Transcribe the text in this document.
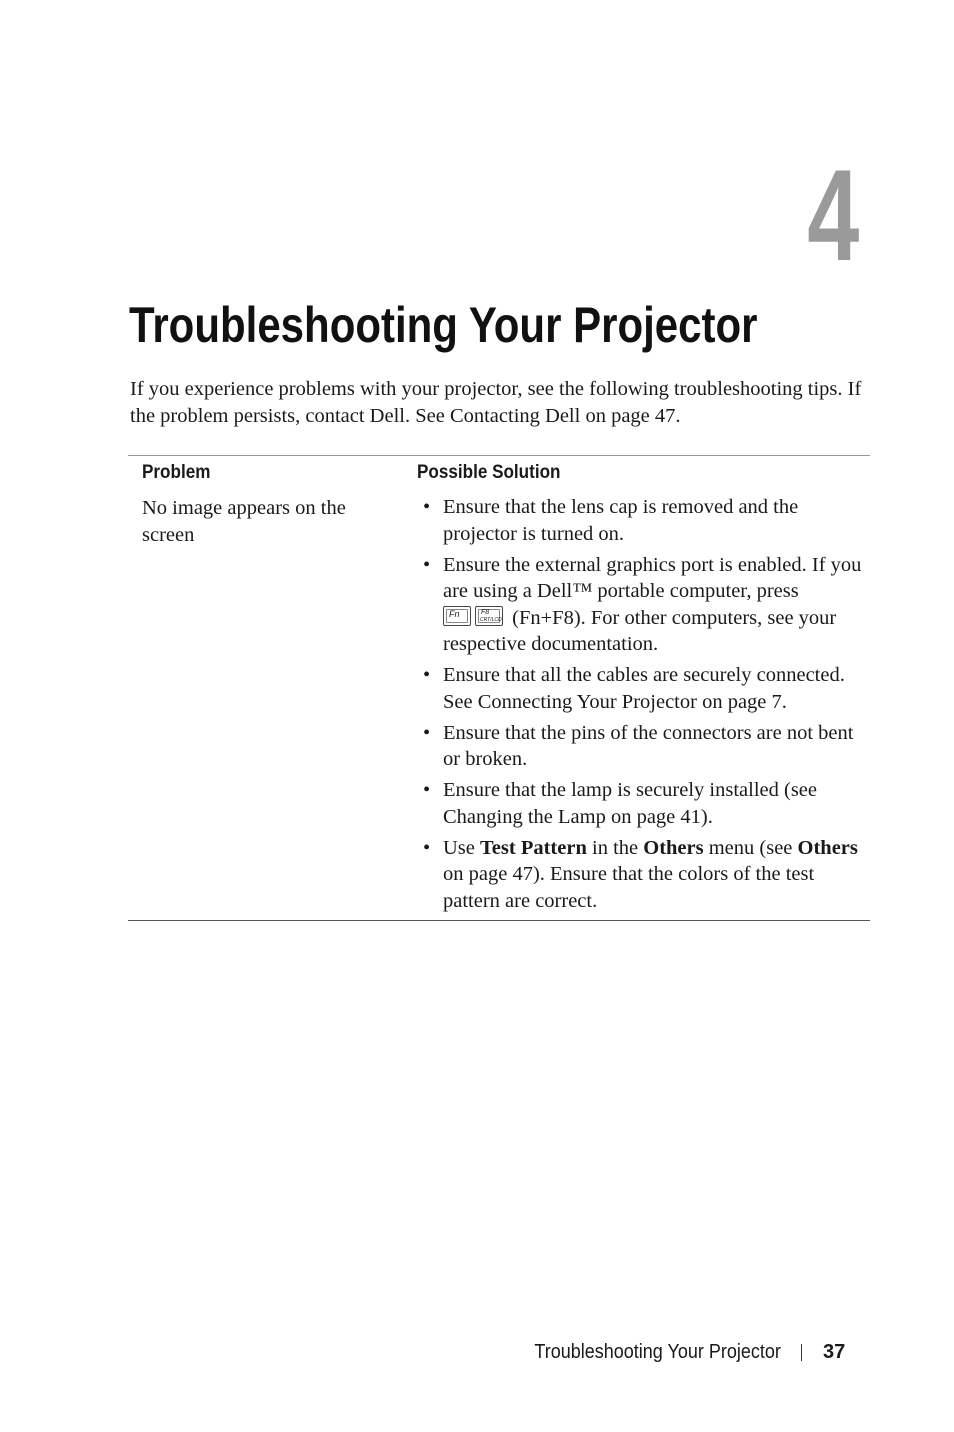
4
Troubleshooting Your Projector

If you experience problems with your projector, see the following troubleshooting tips. If the problem persists, contact Dell. See Contacting Dell on page 47.

Problem	Possible Solution
No image appears on the screen
• Ensure that the lens cap is removed and the projector is turned on.
• Ensure the external graphics port is enabled. If you are using a Dell™ portable computer, press

Fn	F8
CRT/LCD (Fn+F8). For other computers, see your respective documentation.
• Ensure that all the cables are securely connected. See Connecting Your Projector on page 7.
• Ensure that the pins of the connectors are not bent or broken.
• Ensure that the lamp is securely installed (see Changing the Lamp on page 41).
• Use Test Pattern in the Others menu (see Others on page 47). Ensure that the colors of the test pattern are correct.
Troubleshooting Your Projector 37
